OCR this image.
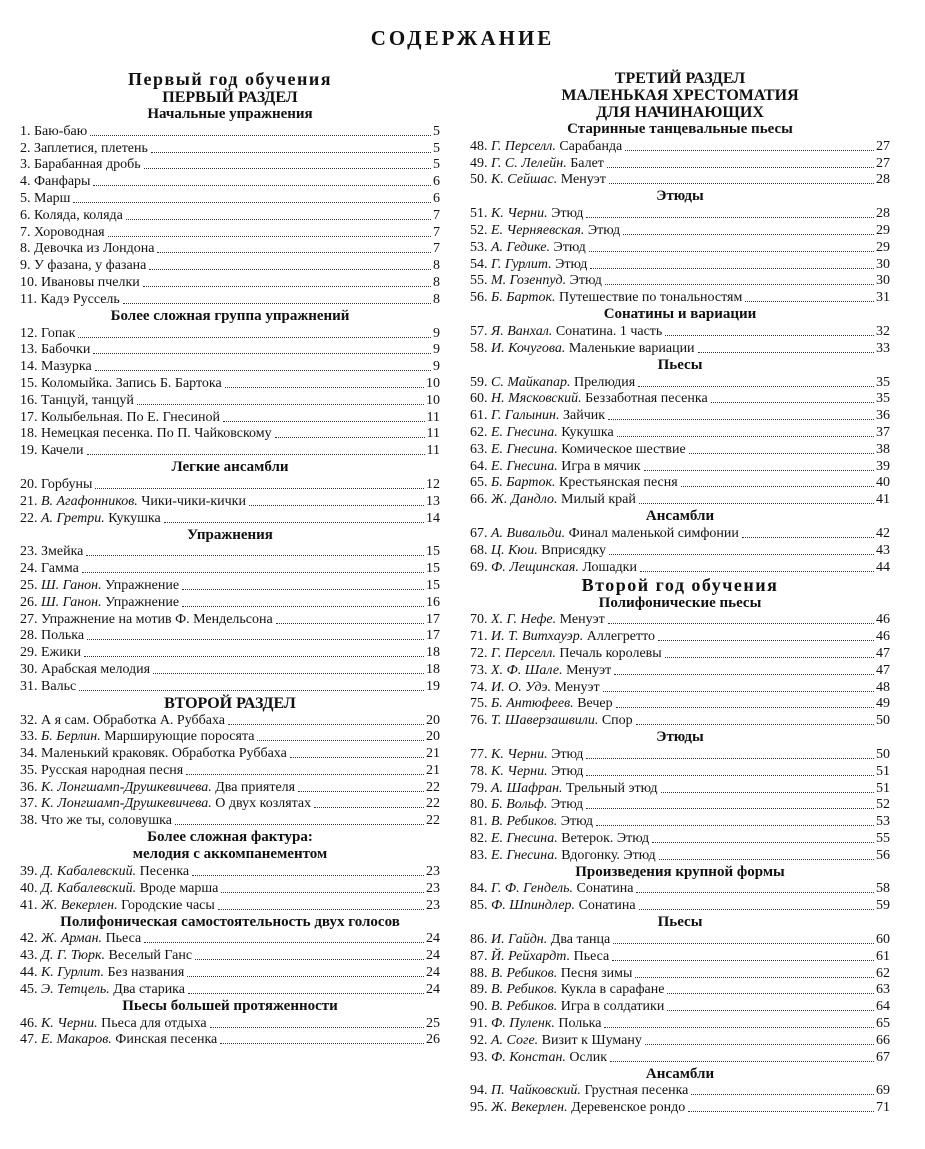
СОДЕРЖАНИЕ
Первый год обучения
ПЕРВЫЙ РАЗДЕЛ
Начальные упражнения
1. Баю-баю	5
2. Заплетися, плетень	5
3. Барабанная дробь	5
4. Фанфары	6
5. Марш	6
6. Коляда, коляда	7
7. Хороводная	7
8. Девочка из Лондона	7
9. У фазана, у фазана	8
10. Ивановы пчелки	8
11. Кадэ Руссель	8
Более сложная группа упражнений
12. Гопак	9
13. Бабочки	9
14. Мазурка	9
15. Коломыйка. Запись Б. Бартока	10
16. Танцуй, танцуй	10
17. Колыбельная. По Е. Гнесиной	11
18. Немецкая песенка. По П. Чайковскому	11
19. Качели	11
Легкие ансамбли
20. Горбуны	12
21. В. Агафонников. Чики-чики-кички	13
22. А. Гретри. Кукушка	14
Упражнения
23. Змейка	15
24. Гамма	15
25. Ш. Ганон. Упражнение	15
26. Ш. Ганон. Упражнение	16
27. Упражнение на мотив Ф. Мендельсона	17
28. Полька	17
29. Ежики	18
30. Арабская мелодия	18
31. Вальс	19
ВТОРОЙ РАЗДЕЛ
32. А я сам. Обработка А. Руббаха	20
33. Б. Берлин. Марширующие поросята	20
34. Маленький краковяк. Обработка Руббаха	21
35. Русская народная песня	21
36. К. Лонгшамп-Друшкевичева. Два приятеля	22
37. К. Лонгшамп-Друшкевичева. О двух козлятах	22
38. Что же ты, соловушка	22
Более сложная фактура:
мелодия с аккомпанементом
39. Д. Кабалевский. Песенка	23
40. Д. Кабалевский. Вроде марша	23
41. Ж. Векерлен. Городские часы	23
Полифоническая самостоятельность двух голосов
42. Ж. Арман. Пьеса	24
43. Д. Г. Тюрк. Веселый Ганс	24
44. К. Гурлит. Без названия	24
45. Э. Тетцель. Два старика	24
Пьесы большей протяженности
46. К. Черни. Пьеса для отдыха	25
47. Е. Макаров. Финская песенка	26
ТРЕТИЙ РАЗДЕЛ
МАЛЕНЬКАЯ ХРЕСТОМАТИЯ
ДЛЯ НАЧИНАЮЩИХ
Старинные танцевальные пьесы
48. Г. Перселл. Сарабанда	27
49. Г. С. Лелейн. Балет	27
50. К. Сейшас. Менуэт	28
Этюды
51. К. Черни. Этюд	28
52. Е. Черняевская. Этюд	29
53. А. Гедике. Этюд	29
54. Г. Гурлит. Этюд	30
55. М. Гозенпуд. Этюд	30
56. Б. Барток. Путешествие по тональностям	31
Сонатины и вариации
57. Я. Ванхал. Сонатина. 1 часть	32
58. И. Кочугова. Маленькие вариации	33
Пьесы
59. С. Майкапар. Прелюдия	35
60. Н. Мясковский. Беззаботная песенка	35
61. Г. Галынин. Зайчик	36
62. Е. Гнесина. Кукушка	37
63. Е. Гнесина. Комическое шествие	38
64. Е. Гнесина. Игра в мячик	39
65. Б. Барток. Крестьянская песня	40
66. Ж. Дандло. Милый край	41
Ансамбли
67. А. Вивальди. Финал маленькой симфонии	42
68. Ц. Кюи. Вприсядку	43
69. Ф. Лещинская. Лошадки	44
Второй год обучения
Полифонические пьесы
70. Х. Г. Нефе. Менуэт	46
71. И. Т. Витхауэр. Аллегретто	46
72. Г. Перселл. Печаль королевы	47
73. Х. Ф. Шале. Менуэт	47
74. И. О. Удэ. Менуэт	48
75. Б. Антюфеев. Вечер	49
76. Т. Шаверзашвили. Спор	50
Этюды
77. К. Черни. Этюд	50
78. К. Черни. Этюд	51
79. А. Шафран. Трельный этюд	51
80. Б. Вольф. Этюд	52
81. В. Ребиков. Этюд	53
82. Е. Гнесина. Ветерок. Этюд	55
83. Е. Гнесина. Вдогонку. Этюд	56
Произведения крупной формы
84. Г. Ф. Гендель. Сонатина	58
85. Ф. Шпиндлер. Сонатина	59
Пьесы
86. И. Гайдн. Два танца	60
87. Й. Рейхардт. Пьеса	61
88. В. Ребиков. Песня зимы	62
89. В. Ребиков. Кукла в сарафане	63
90. В. Ребиков. Игра в солдатики	64
91. Ф. Пуленк. Полька	65
92. А. Соге. Визит к Шуману	66
93. Ф. Констан. Ослик	67
Ансамбли
94. П. Чайковский. Грустная песенка	69
95. Ж. Векерлен. Деревенское рондо	71
